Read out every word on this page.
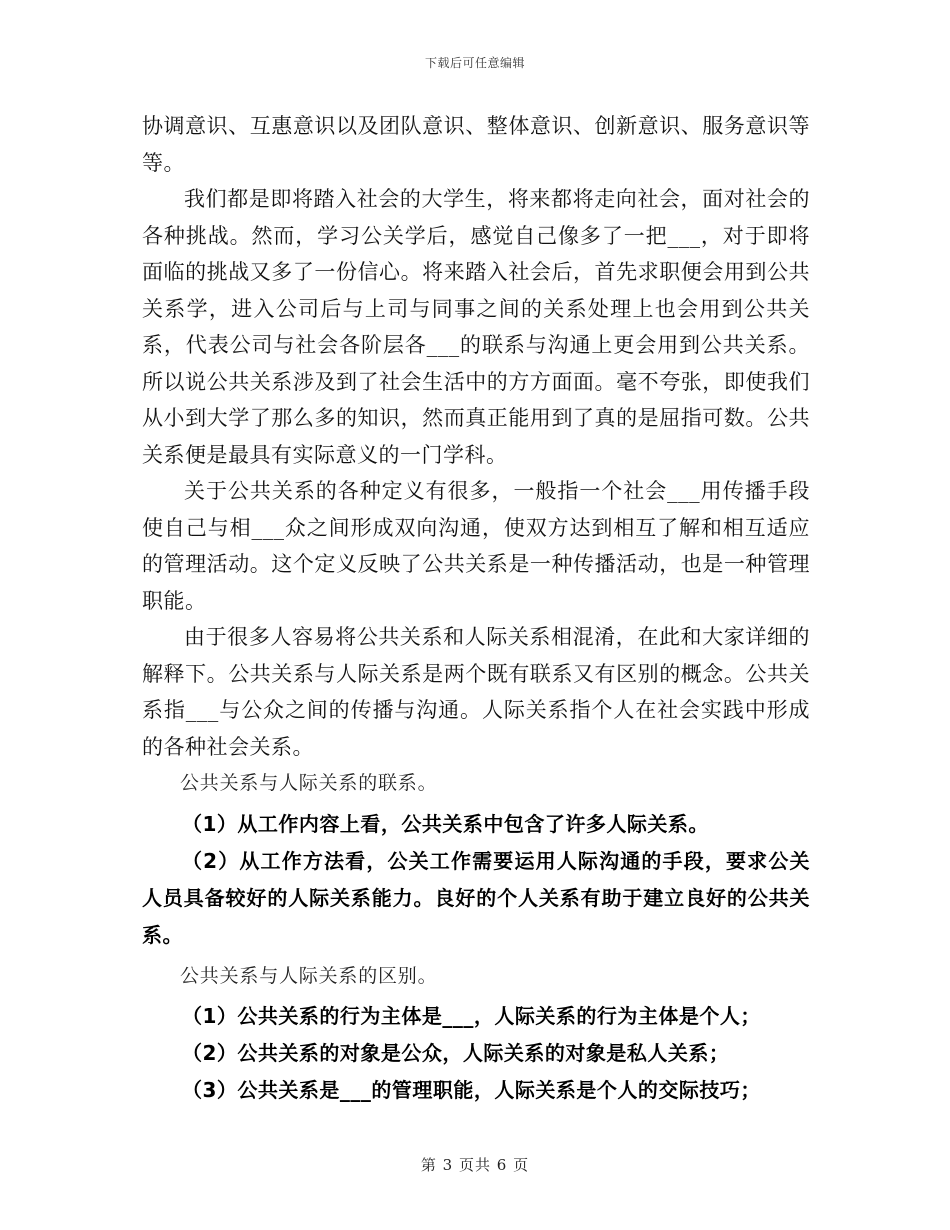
下载后可任意编辑

协调意识、互惠意识以及团队意识、整体意识、创新意识、服务意识等等。

我们都是即将踏入社会的大学生，将来都将走向社会，面对社会的各种挑战。然而，学习公关学后，感觉自己像多了一把___，对于即将面临的挑战又多了一份信心。将来踏入社会后，首先求职便会用到公共关系学，进入公司后与上司与同事之间的关系处理上也会用到公共关系，代表公司与社会各阶层各___的联系与沟通上更会用到公共关系。所以说公共关系涉及到了社会生活中的方方面面。毫不夸张，即使我们从小到大学了那么多的知识，然而真正能用到了真的是屈指可数。公共关系便是最具有实际意义的一门学科。

关于公共关系的各种定义有很多，一般指一个社会___用传播手段使自己与相___众之间形成双向沟通，使双方达到相互了解和相互适应的管理活动。这个定义反映了公共关系是一种传播活动，也是一种管理职能。

由于很多人容易将公共关系和人际关系相混淆，在此和大家详细的解释下。公共关系与人际关系是两个既有联系又有区别的概念。公共关系指___与公众之间的传播与沟通。人际关系指个人在社会实践中形成的各种社会关系。

公共关系与人际关系的联系。

（1）从工作内容上看，公共关系中包含了许多人际关系。

（2）从工作方法看，公关工作需要运用人际沟通的手段，要求公关人员具备较好的人际关系能力。良好的个人关系有助于建立良好的公共关系。

公共关系与人际关系的区别。

（1）公共关系的行为主体是___，人际关系的行为主体是个人；

（2）公共关系的对象是公众，人际关系的对象是私人关系；

（3）公共关系是___的管理职能，人际关系是个人的交际技巧；

第 3 页共 6 页
